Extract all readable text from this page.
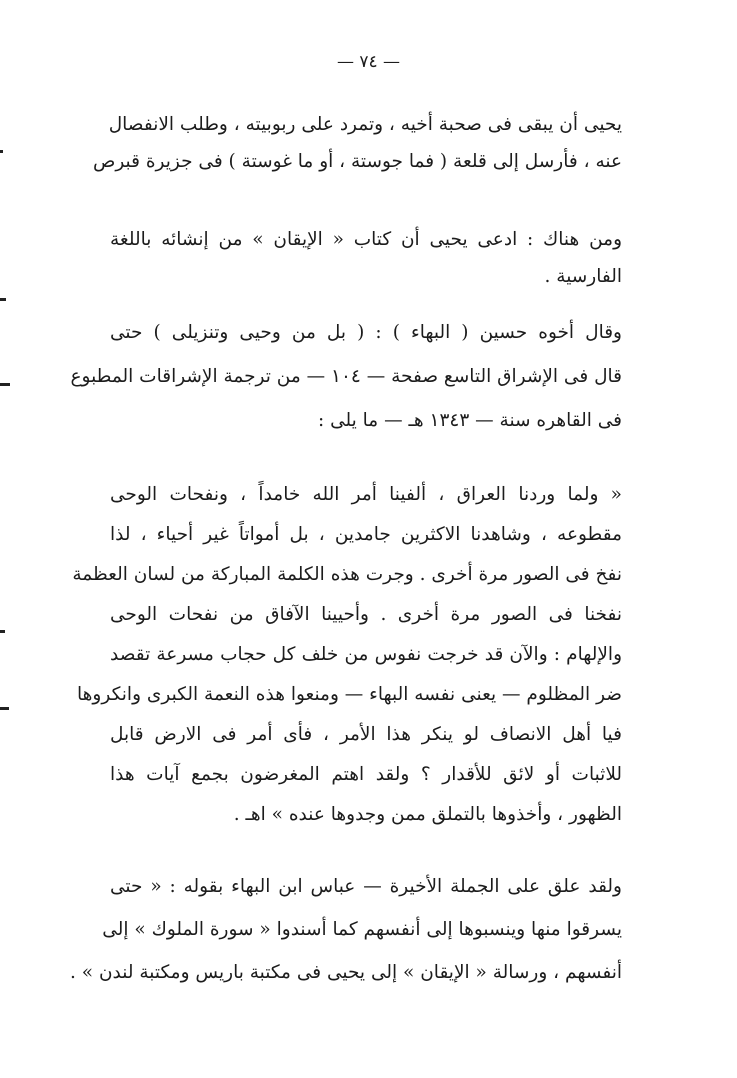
— ٧٤ —
يحيى أن يبقى فى صحبة أخيه ، وتمرد على ربوبيته ، وطلب الانفصال
عنه ، فأرسل إلى قلعة ( فما جوستة ، أو ما غوستة ) فى جزيرة قبرص
ومن هناك : ادعى يحيى أن كتاب « الإيقان » من إنشائه باللغة
الفارسية .
وقال أخوه حسين ( البهاء ) : ( بل من وحيى وتنزيلى ) حتى
قال فى الإشراق التاسع صفحة — ١٠٤ — من ترجمة الإشراقات المطبوع
فى القاهره سنة — ١٣٤٣ هـ — ما يلى :
« ولما وردنا العراق ، ألفينا أمر الله خامداً ، ونفحات الوحى
مقطوعه ، وشاهدنا الاكثرين جامدين ، بل أمواتاً غير أحياء ، لذا
نفخ فى الصور مرة أخرى . وجرت هذه الكلمة المباركة من لسان العظمة
نفخنا فى الصور مرة أخرى . وأحيينا الآفاق من نفحات الوحى
والإلهام : والآن قد خرجت نفوس من خلف كل حجاب مسرعة تقصد
ضر المظلوم — يعنى نفسه البهاء — ومنعوا هذه النعمة الكبرى وانكروها
فيا أهل الانصاف لو ينكر هذا الأمر ، فأى أمر فى الارض قابل
للاثبات أو لائق للأقدار ؟ ولقد اهتم المغرضون بجمع آيات هذا
الظهور ، وأخذوها بالتملق ممن وجدوها عنده » اهـ .
ولقد علق على الجملة الأخيرة — عباس ابن البهاء بقوله : « حتى
يسرقوا منها وينسبوها إلى أنفسهم كما أسندوا « سورة الملوك » إلى
أنفسهم ، ورسالة « الإيقان » إلى يحيى فى مكتبة باريس ومكتبة لندن » .
